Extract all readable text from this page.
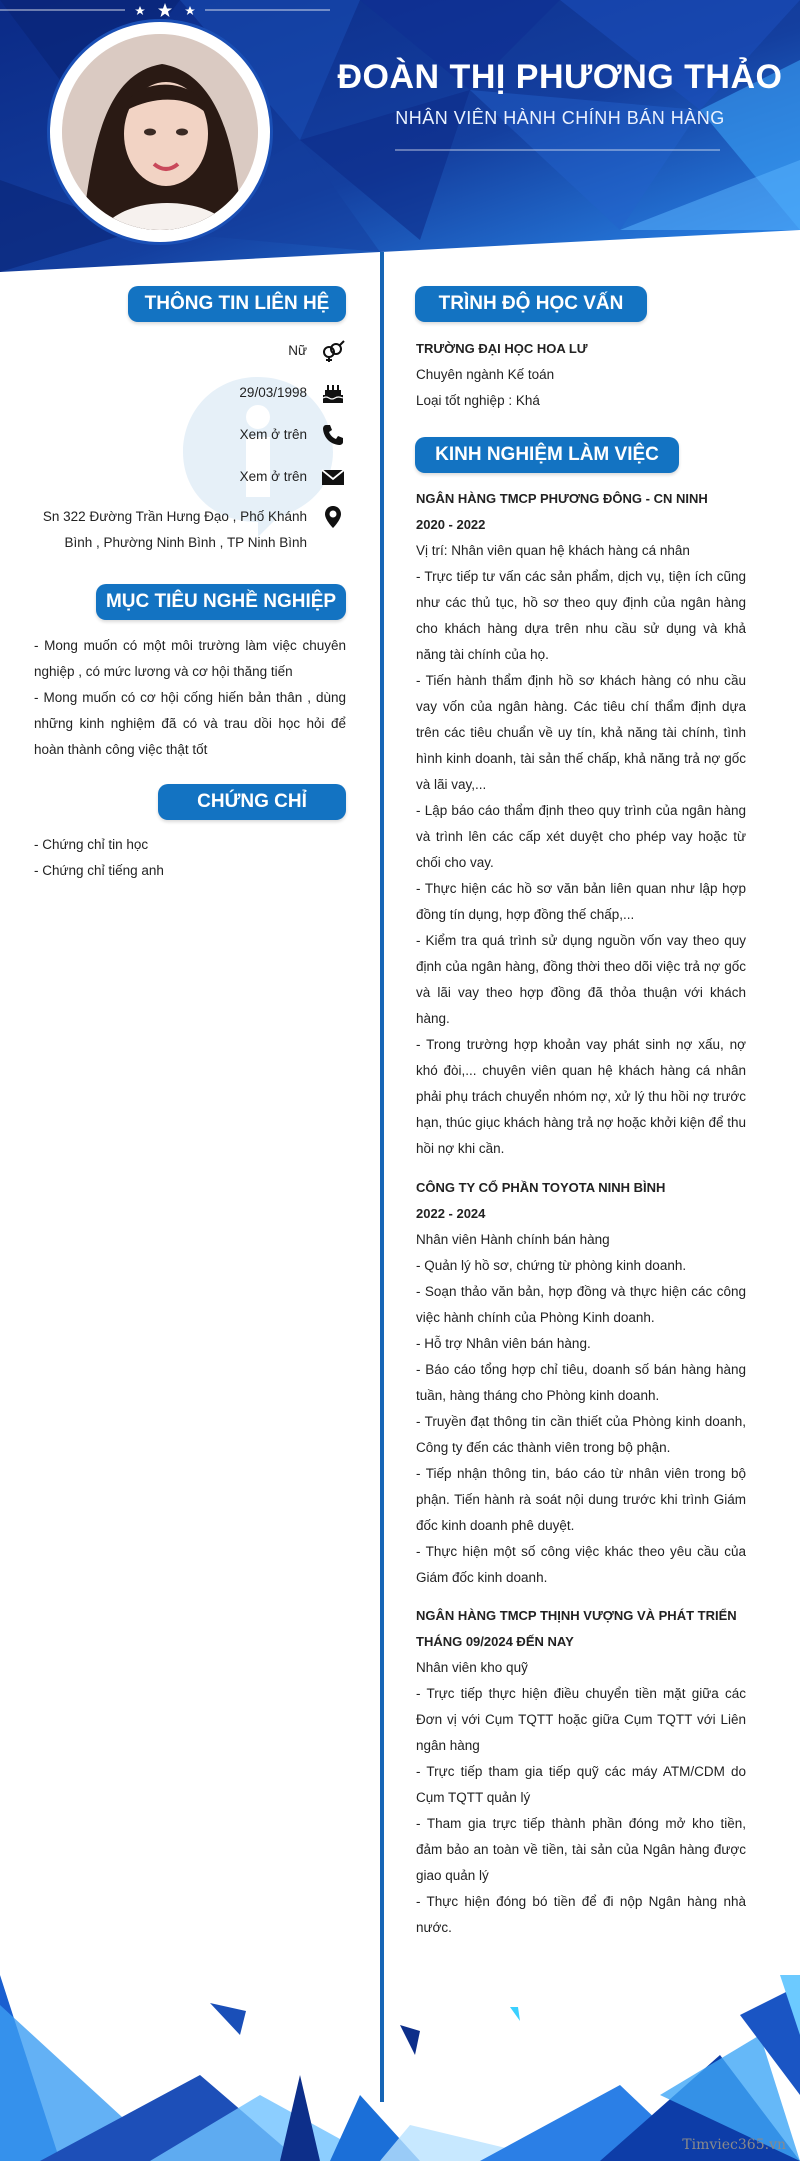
ĐOÀN THỊ PHƯƠNG THẢO

NHÂN VIÊN HÀNH CHÍNH BÁN HÀNG

THÔNG TIN LIÊN HỆ
Nữ
29/03/1998
Xem ở trên
Xem ở trên
Sn 322 Đường Trần Hưng Đạo , Phố Khánh
Bình , Phường Ninh Bình , TP Ninh Bình
MỤC TIÊU NGHỀ NGHIỆP

- Mong muốn có một môi trường làm việc chuyên nghiệp , có mức lương và cơ hội thăng tiến

- Mong muốn có cơ hội cống hiến bản thân , dùng những kinh nghiệm đã có và trau dồi học hỏi để hoàn thành công việc thật tốt

CHỨNG CHỈ

- Chứng chỉ tin học

- Chứng chỉ tiếng anh

TRÌNH ĐỘ HỌC VẤN

TRƯỜNG ĐẠI HỌC HOA LƯ

Chuyên ngành Kế toán

Loại tốt nghiệp : Khá

KINH NGHIỆM LÀM VIỆC

NGÂN HÀNG TMCP PHƯƠNG ĐÔNG - CN NINH

2020 - 2022

Vị trí: Nhân viên quan hệ khách hàng cá nhân

- Trực tiếp tư vấn các sản phẩm, dịch vụ, tiện ích cũng như các thủ tục, hồ sơ theo quy định của ngân hàng cho khách hàng dựa trên nhu cầu sử dụng và khả năng tài chính của họ.

- Tiến hành thẩm định hồ sơ khách hàng có nhu cầu vay vốn của ngân hàng. Các tiêu chí thẩm định dựa trên các tiêu chuẩn về uy tín, khả năng tài chính, tình hình kinh doanh, tài sản thế chấp, khả năng trả nợ gốc và lãi vay,...

- Lập báo cáo thẩm định theo quy trình của ngân hàng và trình lên các cấp xét duyệt cho phép vay hoặc từ chối cho vay.

- Thực hiện các hồ sơ văn bản liên quan như lập hợp đồng tín dụng, hợp đồng thế chấp,...

- Kiểm tra quá trình sử dụng nguồn vốn vay theo quy định của ngân hàng, đồng thời theo dõi việc trả nợ gốc và lãi vay theo hợp đồng đã thỏa thuận với khách hàng.

- Trong trường hợp khoản vay phát sinh nợ xấu, nợ khó đòi,... chuyên viên quan hệ khách hàng cá nhân phải phụ trách chuyển nhóm nợ, xử lý thu hồi nợ trước hạn, thúc giục khách hàng trả nợ hoặc khởi kiện để thu hồi nợ khi cần.

CÔNG TY CỔ PHẦN TOYOTA NINH BÌNH

2022 - 2024

Nhân viên Hành chính bán hàng

- Quản lý hồ sơ, chứng từ phòng kinh doanh.

- Soạn thảo văn bản, hợp đồng và thực hiện các công việc hành chính của Phòng Kinh doanh.

- Hỗ trợ Nhân viên bán hàng.

- Báo cáo tổng hợp chỉ tiêu, doanh số bán hàng hàng tuần, hàng tháng cho Phòng kinh doanh.

- Truyền đạt thông tin cần thiết của Phòng kinh doanh, Công ty đến các thành viên trong bộ phận.

- Tiếp nhận thông tin, báo cáo từ nhân viên trong bộ phận. Tiến hành rà soát nội dung trước khi trình Giám đốc kinh doanh phê duyệt.

- Thực hiện một số công việc khác theo yêu cầu của Giám đốc kinh doanh.

NGÂN HÀNG TMCP THỊNH VƯỢNG VÀ PHÁT TRIỂN

THÁNG 09/2024 ĐẾN NAY

Nhân viên kho quỹ

- Trực tiếp thực hiện điều chuyển tiền mặt giữa các Đơn vị với Cụm TQTT hoặc giữa Cụm TQTT với Liên ngân hàng

- Trực tiếp tham gia tiếp quỹ các máy ATM/CDM do Cụm TQTT quản lý

- Tham gia trực tiếp thành phần đóng mở kho tiền, đảm bảo an toàn về tiền, tài sản của Ngân hàng được giao quản lý

- Thực hiện đóng bó tiền để đi nộp Ngân hàng nhà nước.

Timviec365.vn
